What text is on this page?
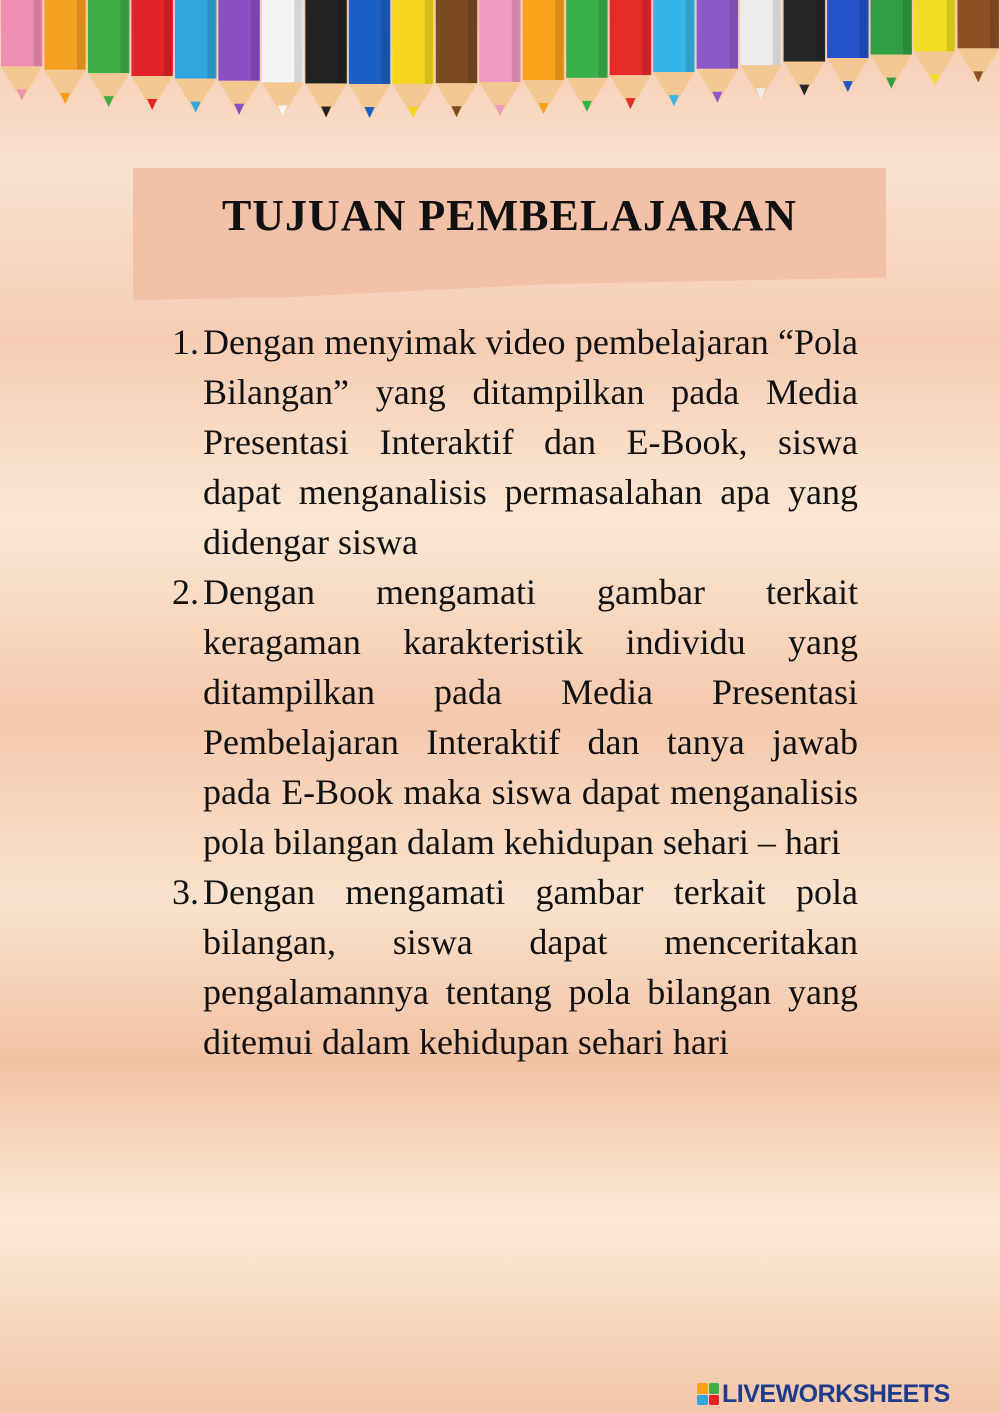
TUJUAN PEMBELAJARAN
1. Dengan menyimak video pembelajaran “Pola Bilangan” yang ditampilkan pada Media Presentasi Interaktif dan E-Book, siswa dapat menganalisis permasalahan apa yang didengar siswa
2. Dengan mengamati gambar terkait keragaman karakteristik individu yang ditampilkan pada Media Presentasi Pembelajaran Interaktif dan tanya jawab pada E-Book maka siswa dapat menganalisis pola bilangan dalam kehidupan sehari – hari
3. Dengan mengamati gambar terkait pola bilangan, siswa dapat menceritakan pengalamannya tentang pola bilangan yang ditemui dalam kehidupan sehari hari
LIVEWORKSHEETS
